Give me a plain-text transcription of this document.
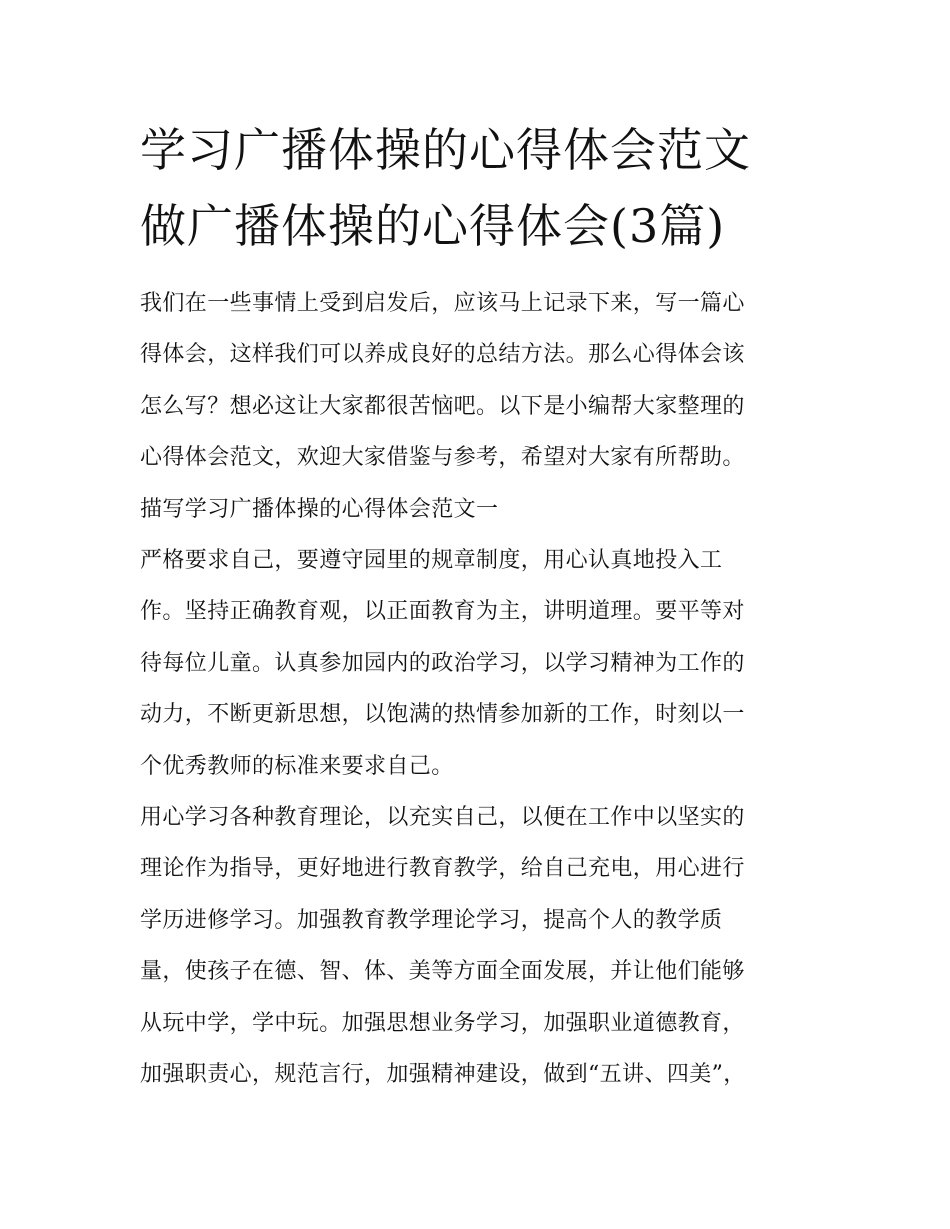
学习广播体操的心得体会范文
做广播体操的心得体会(3篇)
我们在一些事情上受到启发后，应该马上记录下来，写一篇心
得体会，这样我们可以养成良好的总结方法。那么心得体会该
怎么写？想必这让大家都很苦恼吧。以下是小编帮大家整理的
心得体会范文，欢迎大家借鉴与参考，希望对大家有所帮助。
描写学习广播体操的心得体会范文一
严格要求自己，要遵守园里的规章制度，用心认真地投入工
作。坚持正确教育观，以正面教育为主，讲明道理。要平等对
待每位儿童。认真参加园内的政治学习，以学习精神为工作的
动力，不断更新思想，以饱满的热情参加新的工作，时刻以一
个优秀教师的标准来要求自己。
用心学习各种教育理论，以充实自己，以便在工作中以坚实的
理论作为指导，更好地进行教育教学，给自己充电，用心进行
学历进修学习。加强教育教学理论学习，提高个人的教学质
量，使孩子在德、智、体、美等方面全面发展，并让他们能够
从玩中学，学中玩。加强思想业务学习，加强职业道德教育，
加强职责心，规范言行，加强精神建设，做到“五讲、四美”，
